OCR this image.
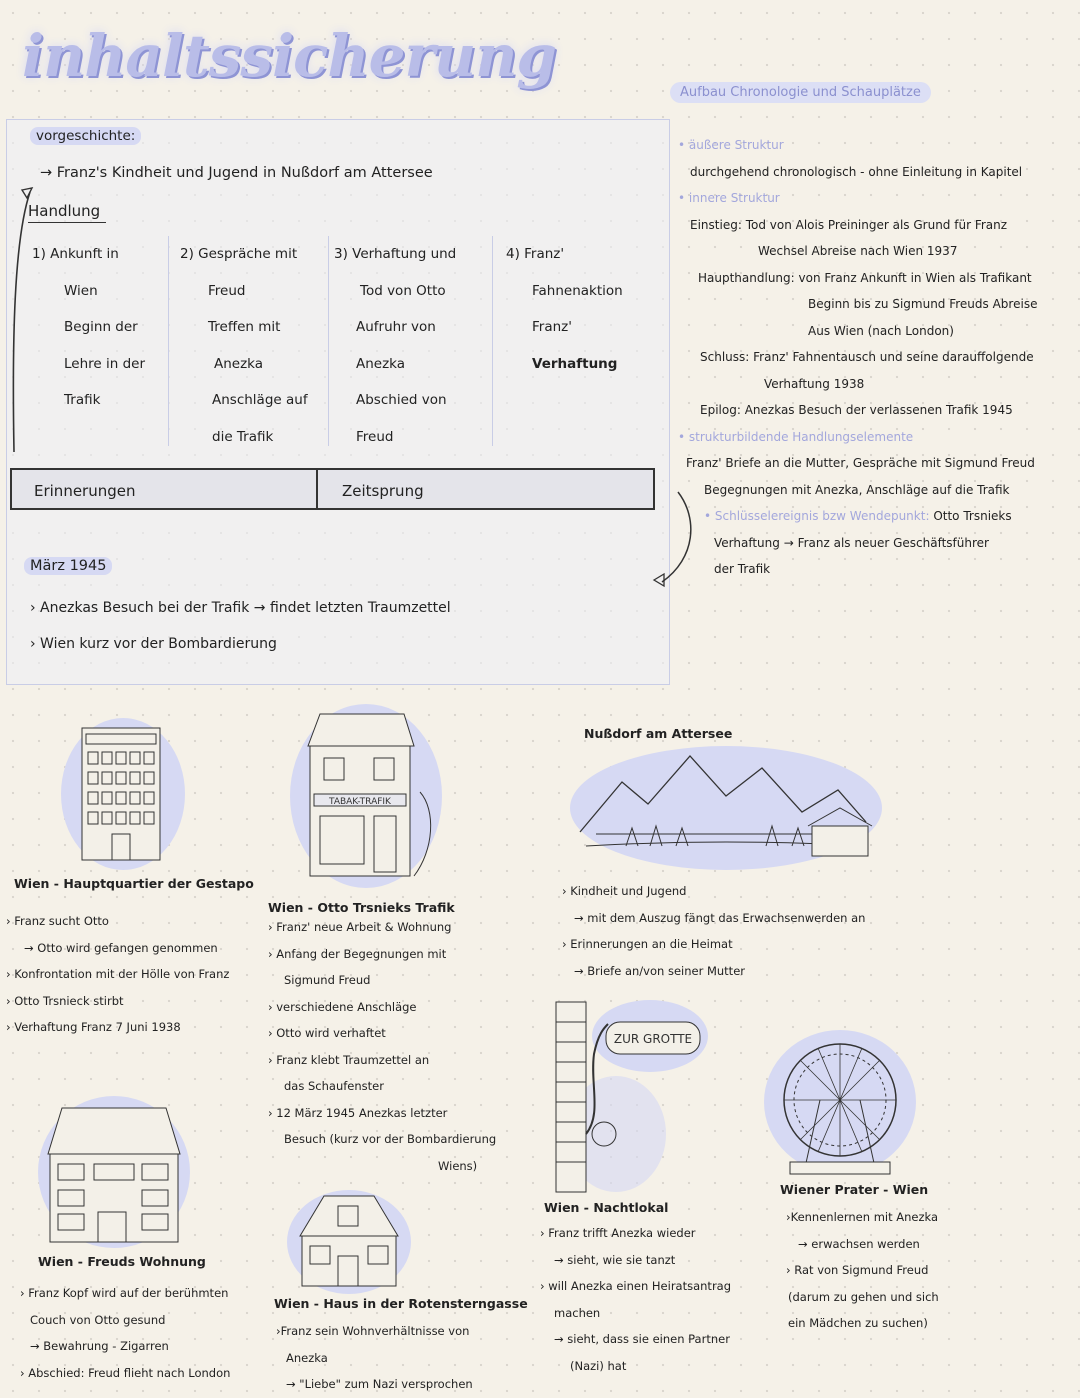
inhaltssicherung
Aufbau Chronologie und Schauplätze
vorgeschichte:
→ Franz's Kindheit und Jugend in Nußdorf am Attersee
Handlung
1) Ankunft in
Wien
Beginn der
Lehre in der
Trafik
2) Gespräche mit
Freud
Treffen mit
Anezka
Anschläge auf
die Trafik
3) Verhaftung und
Tod von Otto
Aufruhr von
Anezka
Abschied von
Freud
4) Franz'
Fahnenaktion
Franz'
Verhaftung
Erinnerungen	Zeitsprung
März 1945
› Anezkas Besuch bei der Trafik → findet letzten Traumzettel
› Wien kurz vor der Bombardierung
• äußere Struktur
durchgehend chronologisch - ohne Einleitung in Kapitel
• innere Struktur
Einstieg: Tod von Alois Preininger als Grund für Franz
Wechsel Abreise nach Wien 1937
Haupthandlung: von Franz Ankunft in Wien als Trafikant
Beginn bis zu Sigmund Freuds Abreise
Aus Wien (nach London)
Schluss: Franz' Fahnentausch und seine darauffolgende
Verhaftung 1938
Epilog: Anezkas Besuch der verlassenen Trafik 1945
• strukturbildende Handlungselemente
Franz' Briefe an die Mutter, Gespräche mit Sigmund Freud
Begegnungen mit Anezka, Anschläge auf die Trafik
• Schlüsselereignis bzw Wendepunkt: Otto Trsnieks
Verhaftung → Franz als neuer Geschäftsführer
der Trafik
Wien - Hauptquartier der Gestapo
› Franz sucht Otto
→ Otto wird gefangen genommen
› Konfrontation mit der Hölle von Franz
› Otto Trsnieck stirbt
› Verhaftung Franz 7 Juni 1938
TABAK-TRAFIK
Wien - Otto Trsnieks Trafik
› Franz' neue Arbeit & Wohnung
› Anfang der Begegnungen mit
Sigmund Freud
› verschiedene Anschläge
› Otto wird verhaftet
› Franz klebt Traumzettel an
das Schaufenster
› 12 März 1945 Anezkas letzter
Besuch (kurz vor der Bombardierung
Wiens)
Nußdorf am Attersee
› Kindheit und Jugend
→ mit dem Auszug fängt das Erwachsenwerden an
› Erinnerungen an die Heimat
→ Briefe an/von seiner Mutter
Wien - Freuds Wohnung
› Franz Kopf wird auf der berühmten
Couch von Otto gesund
→ Bewahrung - Zigarren
› Abschied: Freud flieht nach London
Wien - Haus in der Rotensterngasse
›Franz sein Wohnverhältnisse von
Anezka
→ "Liebe" zum Nazi versprochen
ZUR GROTTE
Wien - Nachtlokal
› Franz trifft Anezka wieder
→ sieht, wie sie tanzt
› will Anezka einen Heiratsantrag
machen
→ sieht, dass sie einen Partner
(Nazi) hat
Wiener Prater - Wien
›Kennenlernen mit Anezka
→ erwachsen werden
› Rat von Sigmund Freud
(darum zu gehen und sich
ein Mädchen zu suchen)
